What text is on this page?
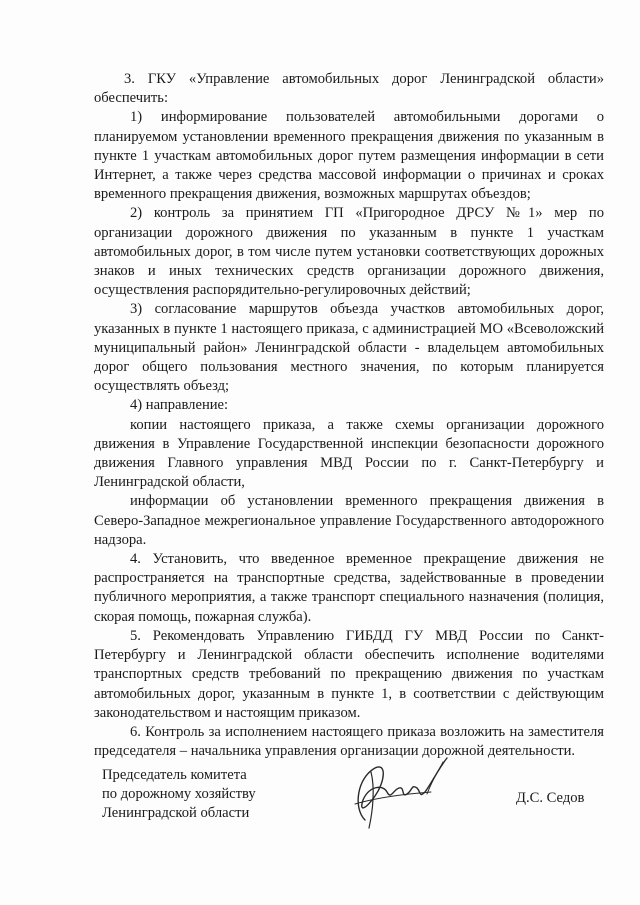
3. ГКУ «Управление автомобильных дорог Ленинградской области» обеспечить:

1) информирование пользователей автомобильными дорогами о планируемом установлении временного прекращения движения по указанным в пункте 1 участкам автомобильных дорог путем размещения информации в сети Интернет, а также через средства массовой информации о причинах и сроках временного прекращения движения, возможных маршрутах объездов;

2) контроль за принятием ГП «Пригородное ДРСУ №1» мер по организации дорожного движения по указанным в пункте 1 участкам автомобильных дорог, в том числе путем установки соответствующих дорожных знаков и иных технических средств организации дорожного движения, осуществления распорядительно-регулировочных действий;

3) согласование маршрутов объезда участков автомобильных дорог, указанных в пункте 1 настоящего приказа, с администрацией МО «Всеволожский муниципальный район» Ленинградской области - владельцем автомобильных дорог общего пользования местного значения, по которым планируется осуществлять объезд;

4) направление:

копии настоящего приказа, а также схемы организации дорожного движения в Управление Государственной инспекции безопасности дорожного движения Главного управления МВД России по г. Санкт-Петербургу и Ленинградской области,

информации об установлении временного прекращения движения в Северо-Западное межрегиональное управление Государственного автодорожного надзора.

4. Установить, что введенное временное прекращение движения не распространяется на транспортные средства, задействованные в проведении публичного мероприятия, а также транспорт специального назначения (полиция, скорая помощь, пожарная служба).

5. Рекомендовать Управлению ГИБДД ГУ МВД России по Санкт-Петербургу и Ленинградской области обеспечить исполнение водителями транспортных средств требований по прекращению движения по участкам автомобильных дорог, указанным в пункте 1, в соответствии с действующим законодательством и настоящим приказом.

6. Контроль за исполнением настоящего приказа возложить на заместителя председателя – начальника управления организации дорожной деятельности.

Председатель комитета
по дорожному хозяйству
Ленинградской области
Д.С. Седов
